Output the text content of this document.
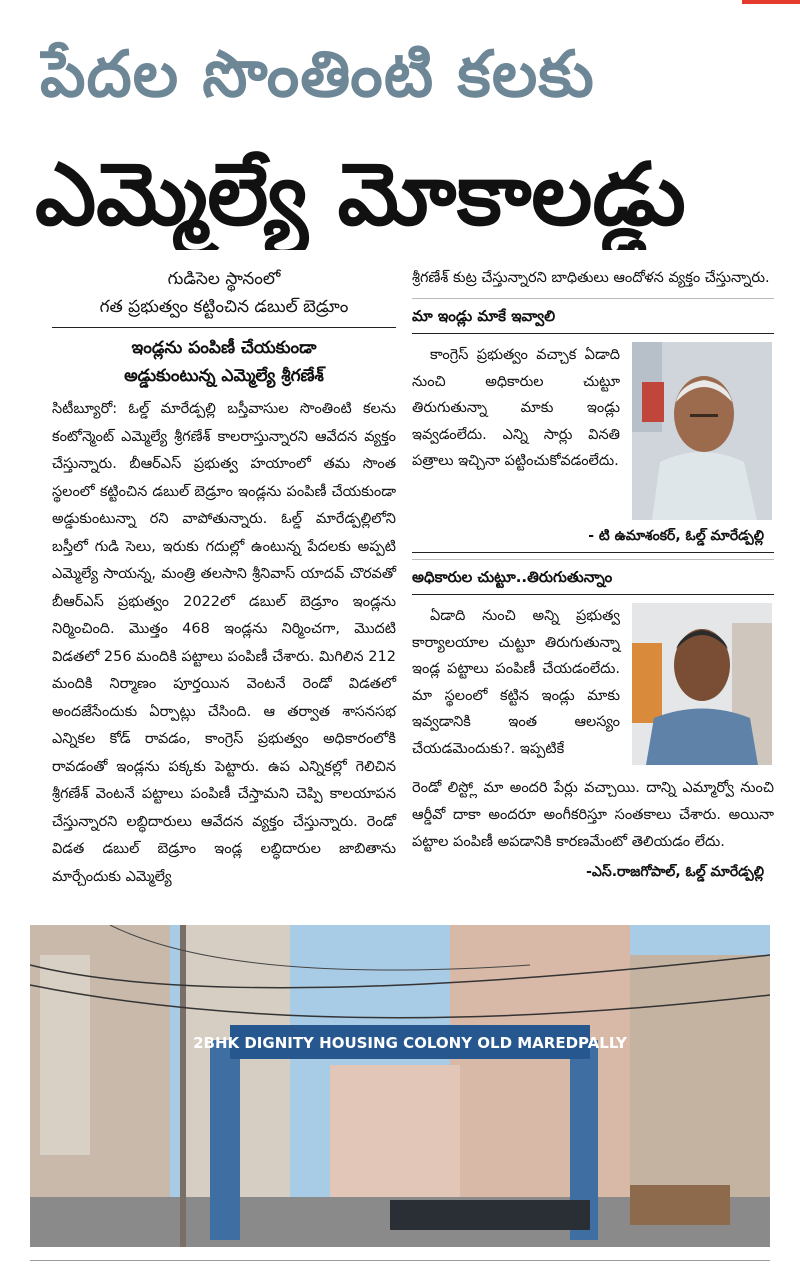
పేదల సొంతింటి కలకు
ఎమ్మెల్యే మోకాలడ్డు
గుడిసెల స్థానంలో
గత ప్రభుత్వం కట్టించిన డబుల్ బెడ్రూం
ఇండ్లను పంపిణీ చేయకుండా
అడ్డుకుంటున్న ఎమ్మెల్యే శ్రీగణేశ్
సిటీబ్యూరో: ఓల్డ్ మారేడ్పల్లి బస్తీవాసుల సొంతింటి కలను కంటోన్మెంట్ ఎమ్మెల్యే శ్రీగణేశ్ కాలరాస్తున్నారని ఆవేదన వ్యక్తం చేస్తున్నారు. బీఆర్ఎస్ ప్రభుత్వ హయాంలో తమ సొంత స్థలంలో కట్టించిన డబుల్ బెడ్రూం ఇండ్లను పంపిణీ చేయకుండా అడ్డుకుంటున్నా రని వాపోతున్నారు. ఓల్డ్ మారేడ్పల్లిలోని బస్తీలో గుడి సెలు, ఇరుకు గదుల్లో ఉంటున్న పేదలకు అప్పటి ఎమ్మెల్యే సాయన్న, మంత్రి తలసాని శ్రీనివాస్ యాదవ్ చొరవతో బీఆర్ఎస్ ప్రభుత్వం 2022లో డబుల్ బెడ్రూం ఇండ్లను నిర్మించింది. మొత్తం 468 ఇండ్లను నిర్మించగా, మొదటి విడతలో 256 మందికి పట్టాలు పంపిణీ చేశారు. మిగిలిన 212 మందికి నిర్మాణం పూర్తయిన వెంటనే రెండో విడతలో అందజేసేందుకు ఏర్పాట్లు చేసింది. ఆ తర్వాత శాసనసభ ఎన్నికల కోడ్ రావడం, కాంగ్రెస్ ప్రభుత్వం అధికారంలోకి రావడంతో ఇండ్లను పక్కకు పెట్టారు. ఉప ఎన్నికల్లో గెలిచిన శ్రీగణేశ్ వెంటనే పట్టాలు పంపిణీ చేస్తామని చెప్పి కాలయాపన చేస్తున్నారని లబ్ధిదారులు ఆవేదన వ్యక్తం చేస్తున్నారు. రెండో విడత డబుల్ బెడ్రూం ఇండ్ల లబ్ధిదారుల జాబితాను మార్చేందుకు ఎమ్మెల్యే
శ్రీగణేశ్ కుట్ర చేస్తున్నారని బాధితులు ఆందోళన వ్యక్తం చేస్తున్నారు.
మా ఇండ్లు మాకే ఇవ్వాలి
కాంగ్రెస్ ప్రభుత్వం వచ్చాక ఏడాది నుంచి అధికారుల చుట్టూ తిరుగుతున్నా మాకు ఇండ్లు ఇవ్వడంలేదు. ఎన్ని సార్లు వినతి పత్రాలు ఇచ్చినా పట్టించుకోవడంలేదు.
- టి ఉమాశంకర్, ఓల్డ్ మారేడ్పల్లి
అధికారుల చుట్టూ..తిరుగుతున్నాం
ఏడాది నుంచి అన్ని ప్రభుత్వ కార్యాలయాల చుట్టూ తిరుగుతున్నా ఇండ్ల పట్టాలు పంపిణీ చేయడంలేదు. మా స్థలంలో కట్టిన ఇండ్లు మాకు ఇవ్వడానికి ఇంత ఆలస్యం చేయడమెందుకు?. ఇప్పటికే
రెండో లిస్ట్లో మా అందరి పేర్లు వచ్చాయి. దాన్ని ఎమ్మార్వో నుంచి ఆర్డీవో దాకా అందరూ అంగీకరిస్తూ సంతకాలు చేశారు. అయినా పట్టాల పంపిణీ అపడానికి కారణమేంటో తెలియడం లేదు.
-ఎస్.రాజగోపాల్, ఓల్డ్ మారేడ్పల్లి
2BHK DIGNITY HOUSING COLONY OLD MAREDPALLY
